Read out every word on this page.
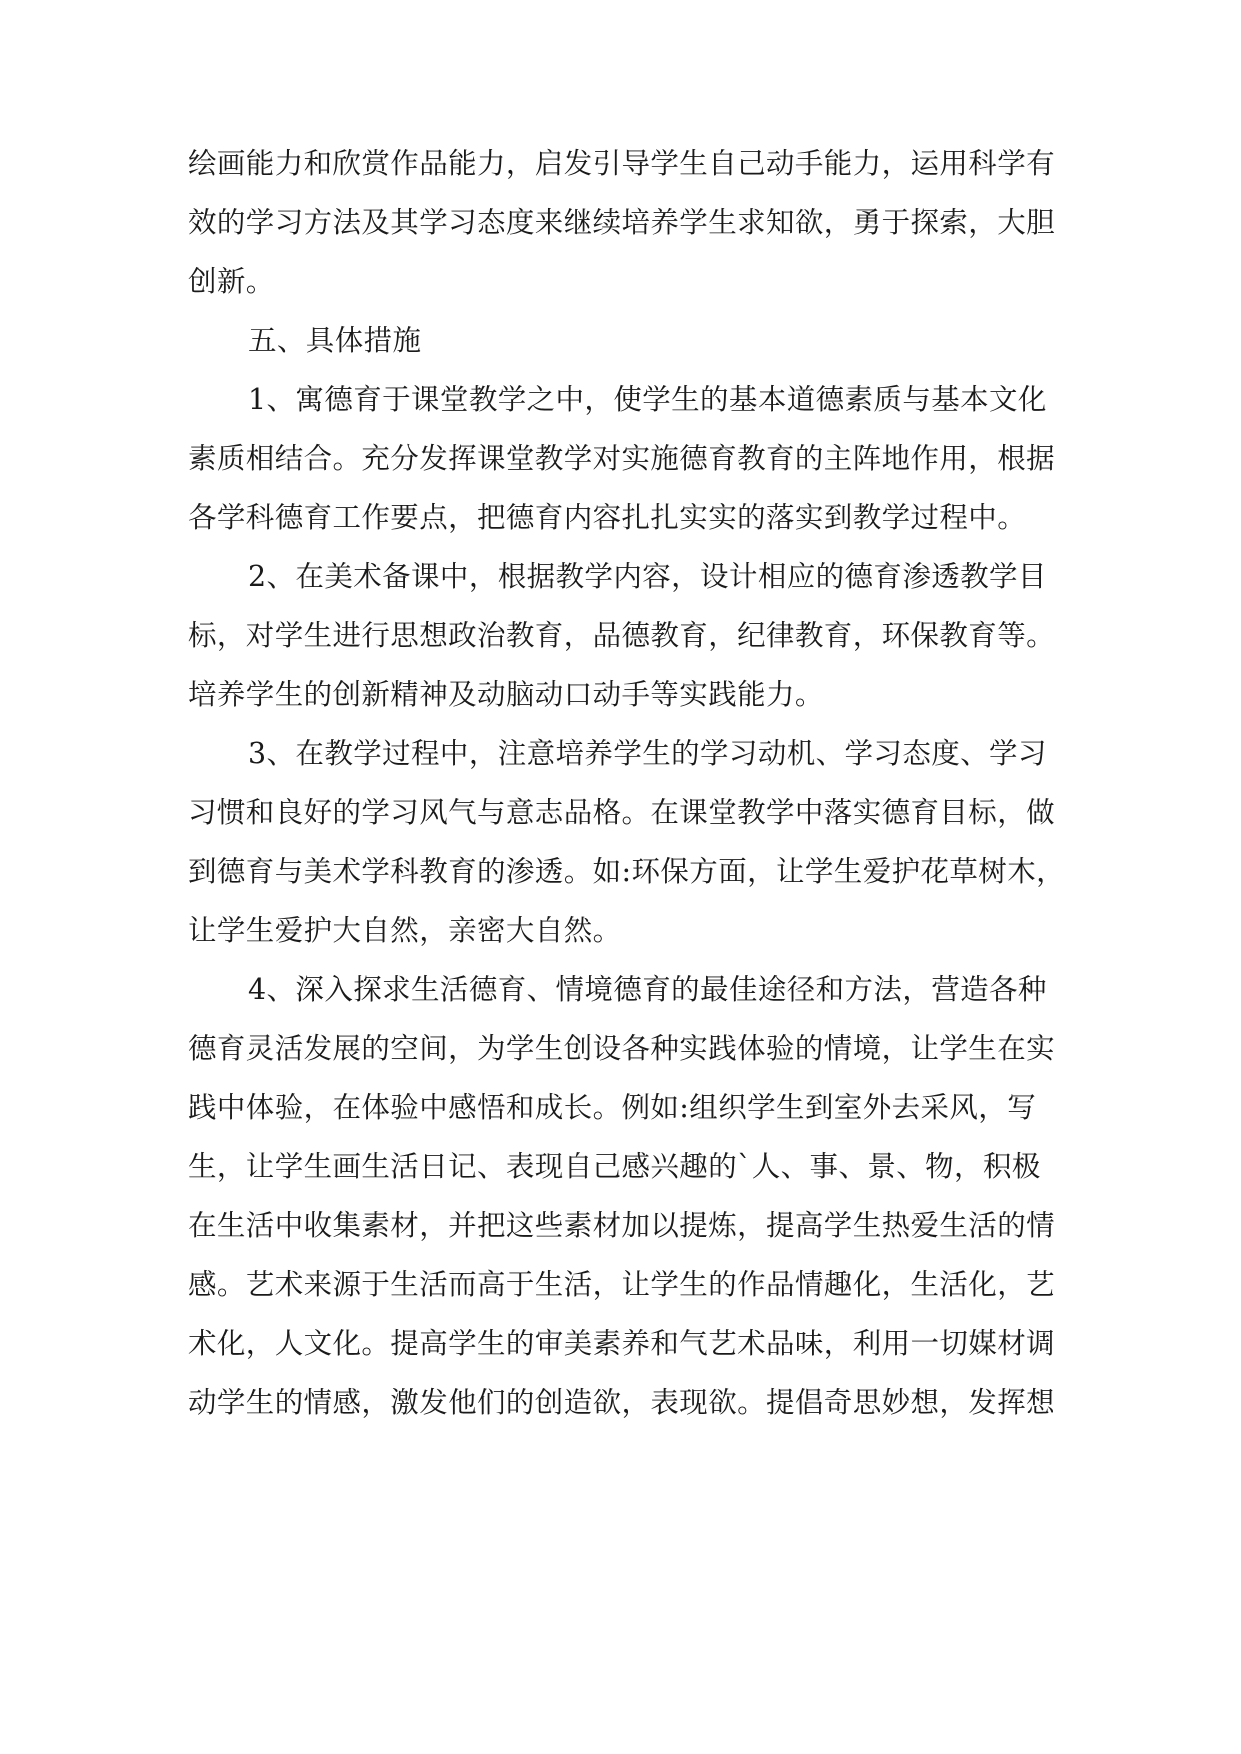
绘画能力和欣赏作品能力，启发引导学生自己动手能力，运用科学有

效的学习方法及其学习态度来继续培养学生求知欲，勇于探索，大胆

创新。

五、具体措施

1、寓德育于课堂教学之中，使学生的基本道德素质与基本文化

素质相结合。充分发挥课堂教学对实施德育教育的主阵地作用，根据

各学科德育工作要点，把德育内容扎扎实实的落实到教学过程中。

2、在美术备课中，根据教学内容，设计相应的德育渗透教学目

标，对学生进行思想政治教育，品德教育，纪律教育，环保教育等。

培养学生的创新精神及动脑动口动手等实践能力。

3、在教学过程中，注意培养学生的学习动机、学习态度、学习

习惯和良好的学习风气与意志品格。在课堂教学中落实德育目标，做

到德育与美术学科教育的渗透。如:环保方面，让学生爱护花草树木，

让学生爱护大自然，亲密大自然。

4、深入探求生活德育、情境德育的最佳途径和方法，营造各种

德育灵活发展的空间，为学生创设各种实践体验的情境，让学生在实

践中体验，在体验中感悟和成长。例如:组织学生到室外去采风，写

生，让学生画生活日记、表现自己感兴趣的`人、事、景、物，积极

在生活中收集素材，并把这些素材加以提炼，提高学生热爱生活的情

感。艺术来源于生活而高于生活，让学生的作品情趣化，生活化，艺

术化，人文化。提高学生的审美素养和气艺术品味，利用一切媒材调

动学生的情感，激发他们的创造欲，表现欲。提倡奇思妙想，发挥想
